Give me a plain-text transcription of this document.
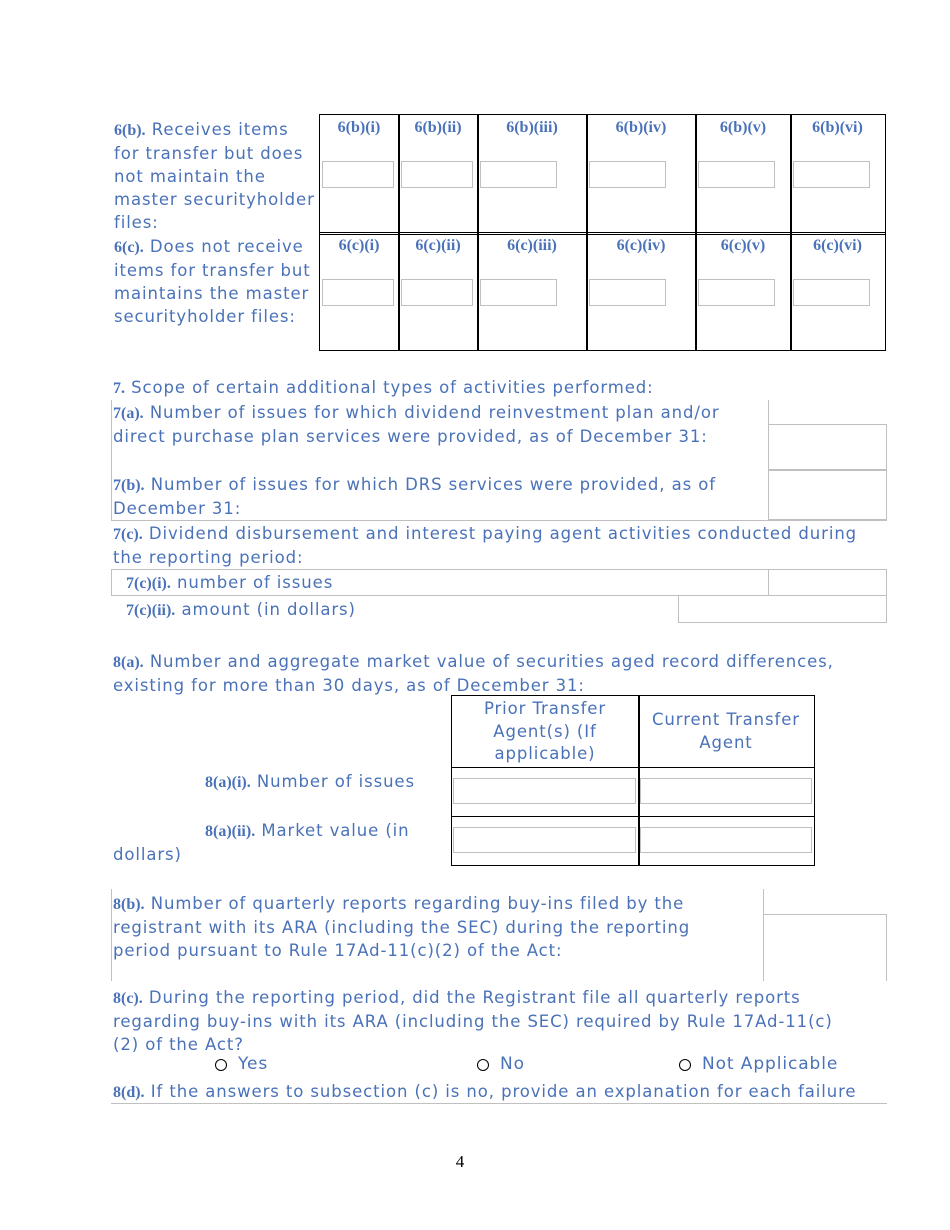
6(b). Receives items for transfer but does not maintain the master securityholder files:
6(c). Does not receive items for transfer but maintains the master securityholder files:
6(b)(i)	6(b)(ii)	6(b)(iii)	6(b)(iv)	6(b)(v)	6(b)(vi)
6(c)(i)	6(c)(ii)	6(c)(iii)	6(c)(iv)	6(c)(v)	6(c)(vi)
7. Scope of certain additional types of activities performed:
7(a). Number of issues for which dividend reinvestment plan and/or direct purchase plan services were provided, as of December 31:
7(b). Number of issues for which DRS services were provided, as of December 31:
7(c). Dividend disbursement and interest paying agent activities conducted during the reporting period:
7(c)(i). number of issues
7(c)(ii). amount (in dollars)
8(a). Number and aggregate market value of securities aged record differences, existing for more than 30 days, as of December 31:
Prior Transfer Agent(s) (If applicable)
Current Transfer Agent
8(a)(i). Number of issues
8(a)(ii). Market value (in dollars)
8(b). Number of quarterly reports regarding buy-ins filed by the registrant with its ARA (including the SEC) during the reporting period pursuant to Rule 17Ad-11(c)(2) of the Act:
8(c). During the reporting period, did the Registrant file all quarterly reports regarding buy-ins with its ARA (including the SEC) required by Rule 17Ad-11(c)(2) of the Act?
Yes	No	Not Applicable
8(d). If the answers to subsection (c) is no, provide an explanation for each failure
4
